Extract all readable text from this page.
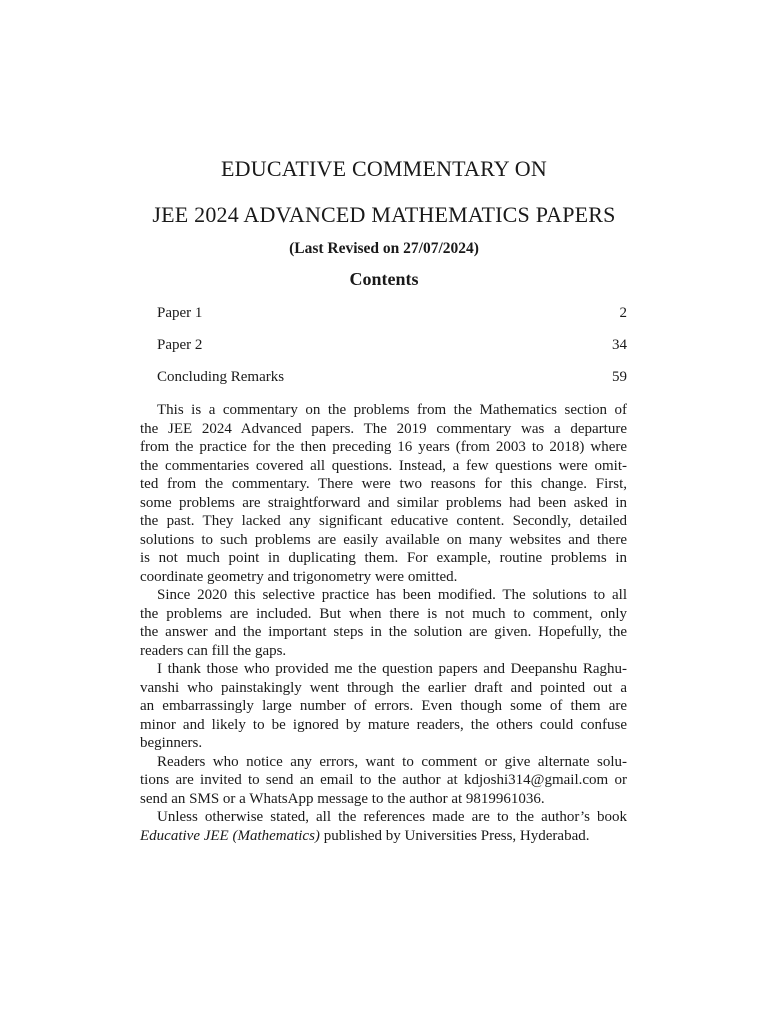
EDUCATIVE COMMENTARY ON
JEE 2024 ADVANCED MATHEMATICS PAPERS
(Last Revised on 27/07/2024)
Contents
Paper 1	2
Paper 2	34
Concluding Remarks	59

This is a commentary on the problems from the Mathematics section of
the JEE 2024 Advanced papers. The 2019 commentary was a departure
from the practice for the then preceding 16 years (from 2003 to 2018) where
the commentaries covered all questions. Instead, a few questions were omit-
ted from the commentary. There were two reasons for this change. First,
some problems are straightforward and similar problems had been asked in
the past. They lacked any significant educative content. Secondly, detailed
solutions to such problems are easily available on many websites and there
is not much point in duplicating them. For example, routine problems in
coordinate geometry and trigonometry were omitted.

Since 2020 this selective practice has been modified. The solutions to all
the problems are included. But when there is not much to comment, only
the answer and the important steps in the solution are given. Hopefully, the
readers can fill the gaps.

I thank those who provided me the question papers and Deepanshu Raghu-
vanshi who painstakingly went through the earlier draft and pointed out a
an embarrassingly large number of errors. Even though some of them are
minor and likely to be ignored by mature readers, the others could confuse
beginners.

Readers who notice any errors, want to comment or give alternate solu-
tions are invited to send an email to the author at kdjoshi314@gmail.com or
send an SMS or a WhatsApp message to the author at 9819961036.

Unless otherwise stated, all the references made are to the author’s book
Educative JEE (Mathematics) published by Universities Press, Hyderabad.
